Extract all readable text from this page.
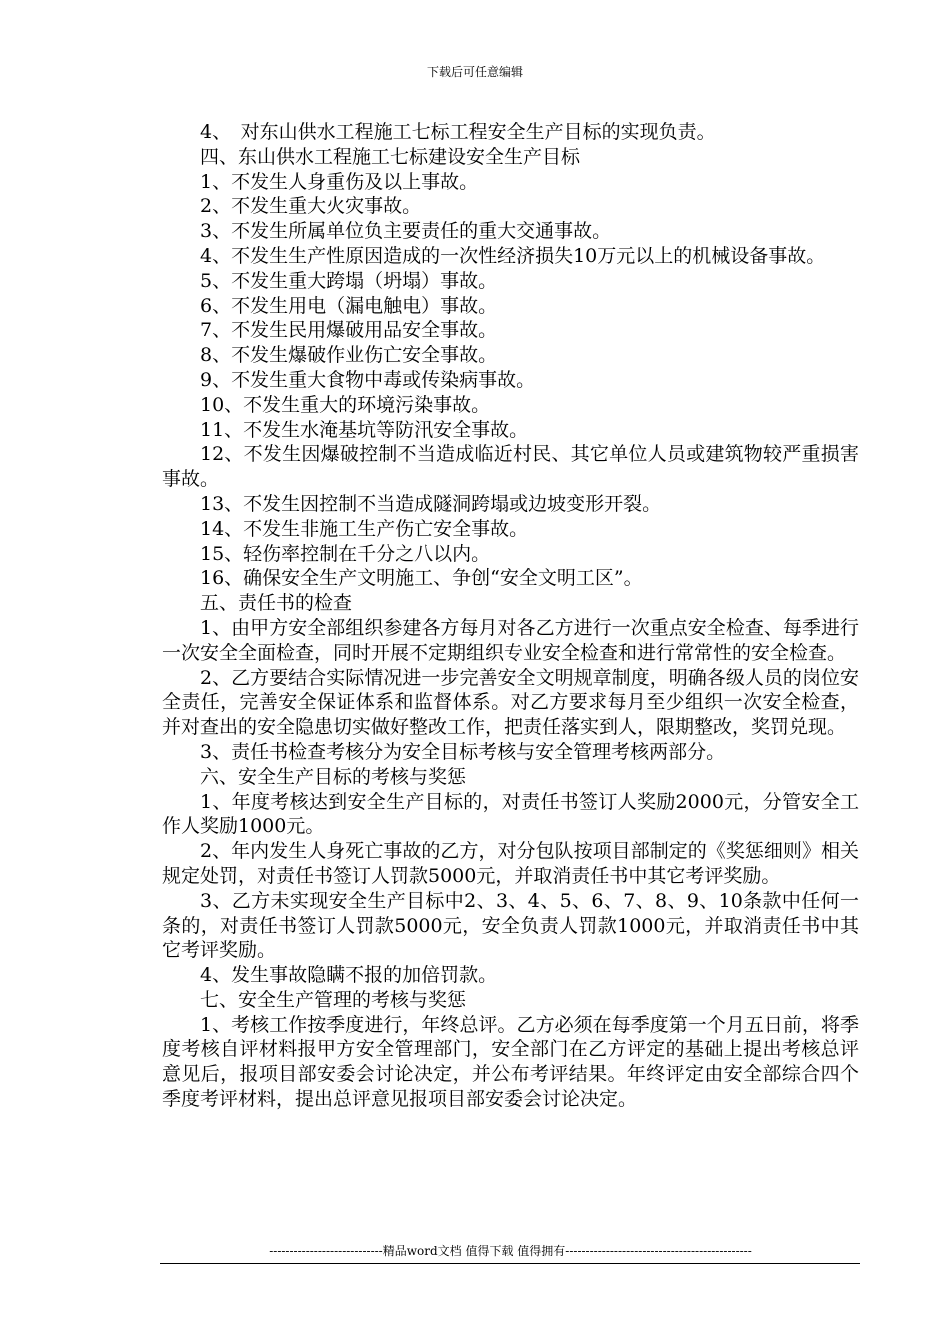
下载后可任意编辑

4、　对东山供水工程施工七标工程安全生产目标的实现负责。

四、东山供水工程施工七标建设安全生产目标

1、不发生人身重伤及以上事故。

2、不发生重大火灾事故。

3、不发生所属单位负主要责任的重大交通事故。

4、不发生生产性原因造成的一次性经济损失10万元以上的机械设备事故。

5、不发生重大跨塌（坍塌）事故。

6、不发生用电（漏电触电）事故。

7、不发生民用爆破用品安全事故。

8、不发生爆破作业伤亡安全事故。

9、不发生重大食物中毒或传染病事故。

10、不发生重大的环境污染事故。

11、不发生水淹基坑等防汛安全事故。

12、不发生因爆破控制不当造成临近村民、其它单位人员或建筑物较严重损害事故。

13、不发生因控制不当造成隧洞跨塌或边坡变形开裂。

14、不发生非施工生产伤亡安全事故。

15、轻伤率控制在千分之八以内。

16、确保安全生产文明施工、争创“安全文明工区”。

五、责任书的检查

1、由甲方安全部组织参建各方每月对各乙方进行一次重点安全检查、每季进行一次安全全面检查，同时开展不定期组织专业安全检查和进行常常性的安全检查。

2、乙方要结合实际情况进一步完善安全文明规章制度，明确各级人员的岗位安全责任，完善安全保证体系和监督体系。对乙方要求每月至少组织一次安全检查，并对查出的安全隐患切实做好整改工作，把责任落实到人，限期整改，奖罚兑现。

3、责任书检查考核分为安全目标考核与安全管理考核两部分。

六、安全生产目标的考核与奖惩

1、年度考核达到安全生产目标的，对责任书签订人奖励2000元，分管安全工作人奖励1000元。

2、年内发生人身死亡事故的乙方，对分包队按项目部制定的《奖惩细则》相关规定处罚，对责任书签订人罚款5000元，并取消责任书中其它考评奖励。

3、乙方未实现安全生产目标中2、3、4、5、6、7、8、9、10条款中任何一条的，对责任书签订人罚款5000元，安全负责人罚款1000元，并取消责任书中其它考评奖励。

4、发生事故隐瞒不报的加倍罚款。

七、安全生产管理的考核与奖惩

1、考核工作按季度进行，年终总评。乙方必须在每季度第一个月五日前，将季度考核自评材料报甲方安全管理部门，安全部门在乙方评定的基础上提出考核总评意见后，报项目部安委会讨论决定，并公布考评结果。年终评定由安全部综合四个季度考评材料，提出总评意见报项目部安委会讨论决定。

----------------------------精品word文档 值得下载 值得拥有----------------------------------------------
